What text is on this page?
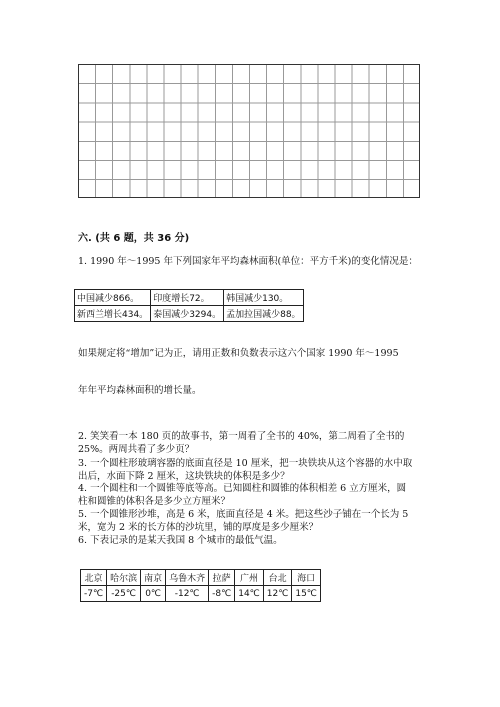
六. (共 6 题，共 36 分)
1. 1990 年～1995 年下列国家年平均森林面积(单位：平方千米)的变化情况是：
中国减少866。	印度增长72。	韩国减少130。
新西兰增长434。	泰国减少3294。	孟加拉国减少88。
如果规定将“增加”记为正，请用正数和负数表示这六个国家 1990 年～1995
年年平均森林面积的增长量。
2. 笑笑看一本 180 页的故事书，第一周看了全书的 40%，第二周看了全书的
25%。两周共看了多少页？
3. 一个圆柱形玻璃容器的底面直径是 10 厘米，把一块铁块从这个容器的水中取
出后，水面下降 2 厘米，这块铁块的体积是多少？
4. 一个圆柱和一个圆锥等底等高。已知圆柱和圆锥的体积相差 6 立方厘米，圆
柱和圆锥的体积各是多少立方厘米？
5. 一个圆锥形沙堆，高是 6 米，底面直径是 4 米。把这些沙子铺在一个长为 5
米，宽为 2 米的长方体的沙坑里，铺的厚度是多少厘米？
6. 下表记录的是某天我国 8 个城市的最低气温。
北京	哈尔滨	南京	乌鲁木齐	拉萨	广州	台北	海口
-7℃	-25℃	0℃	-12℃	-8℃	14℃	12℃	15℃
